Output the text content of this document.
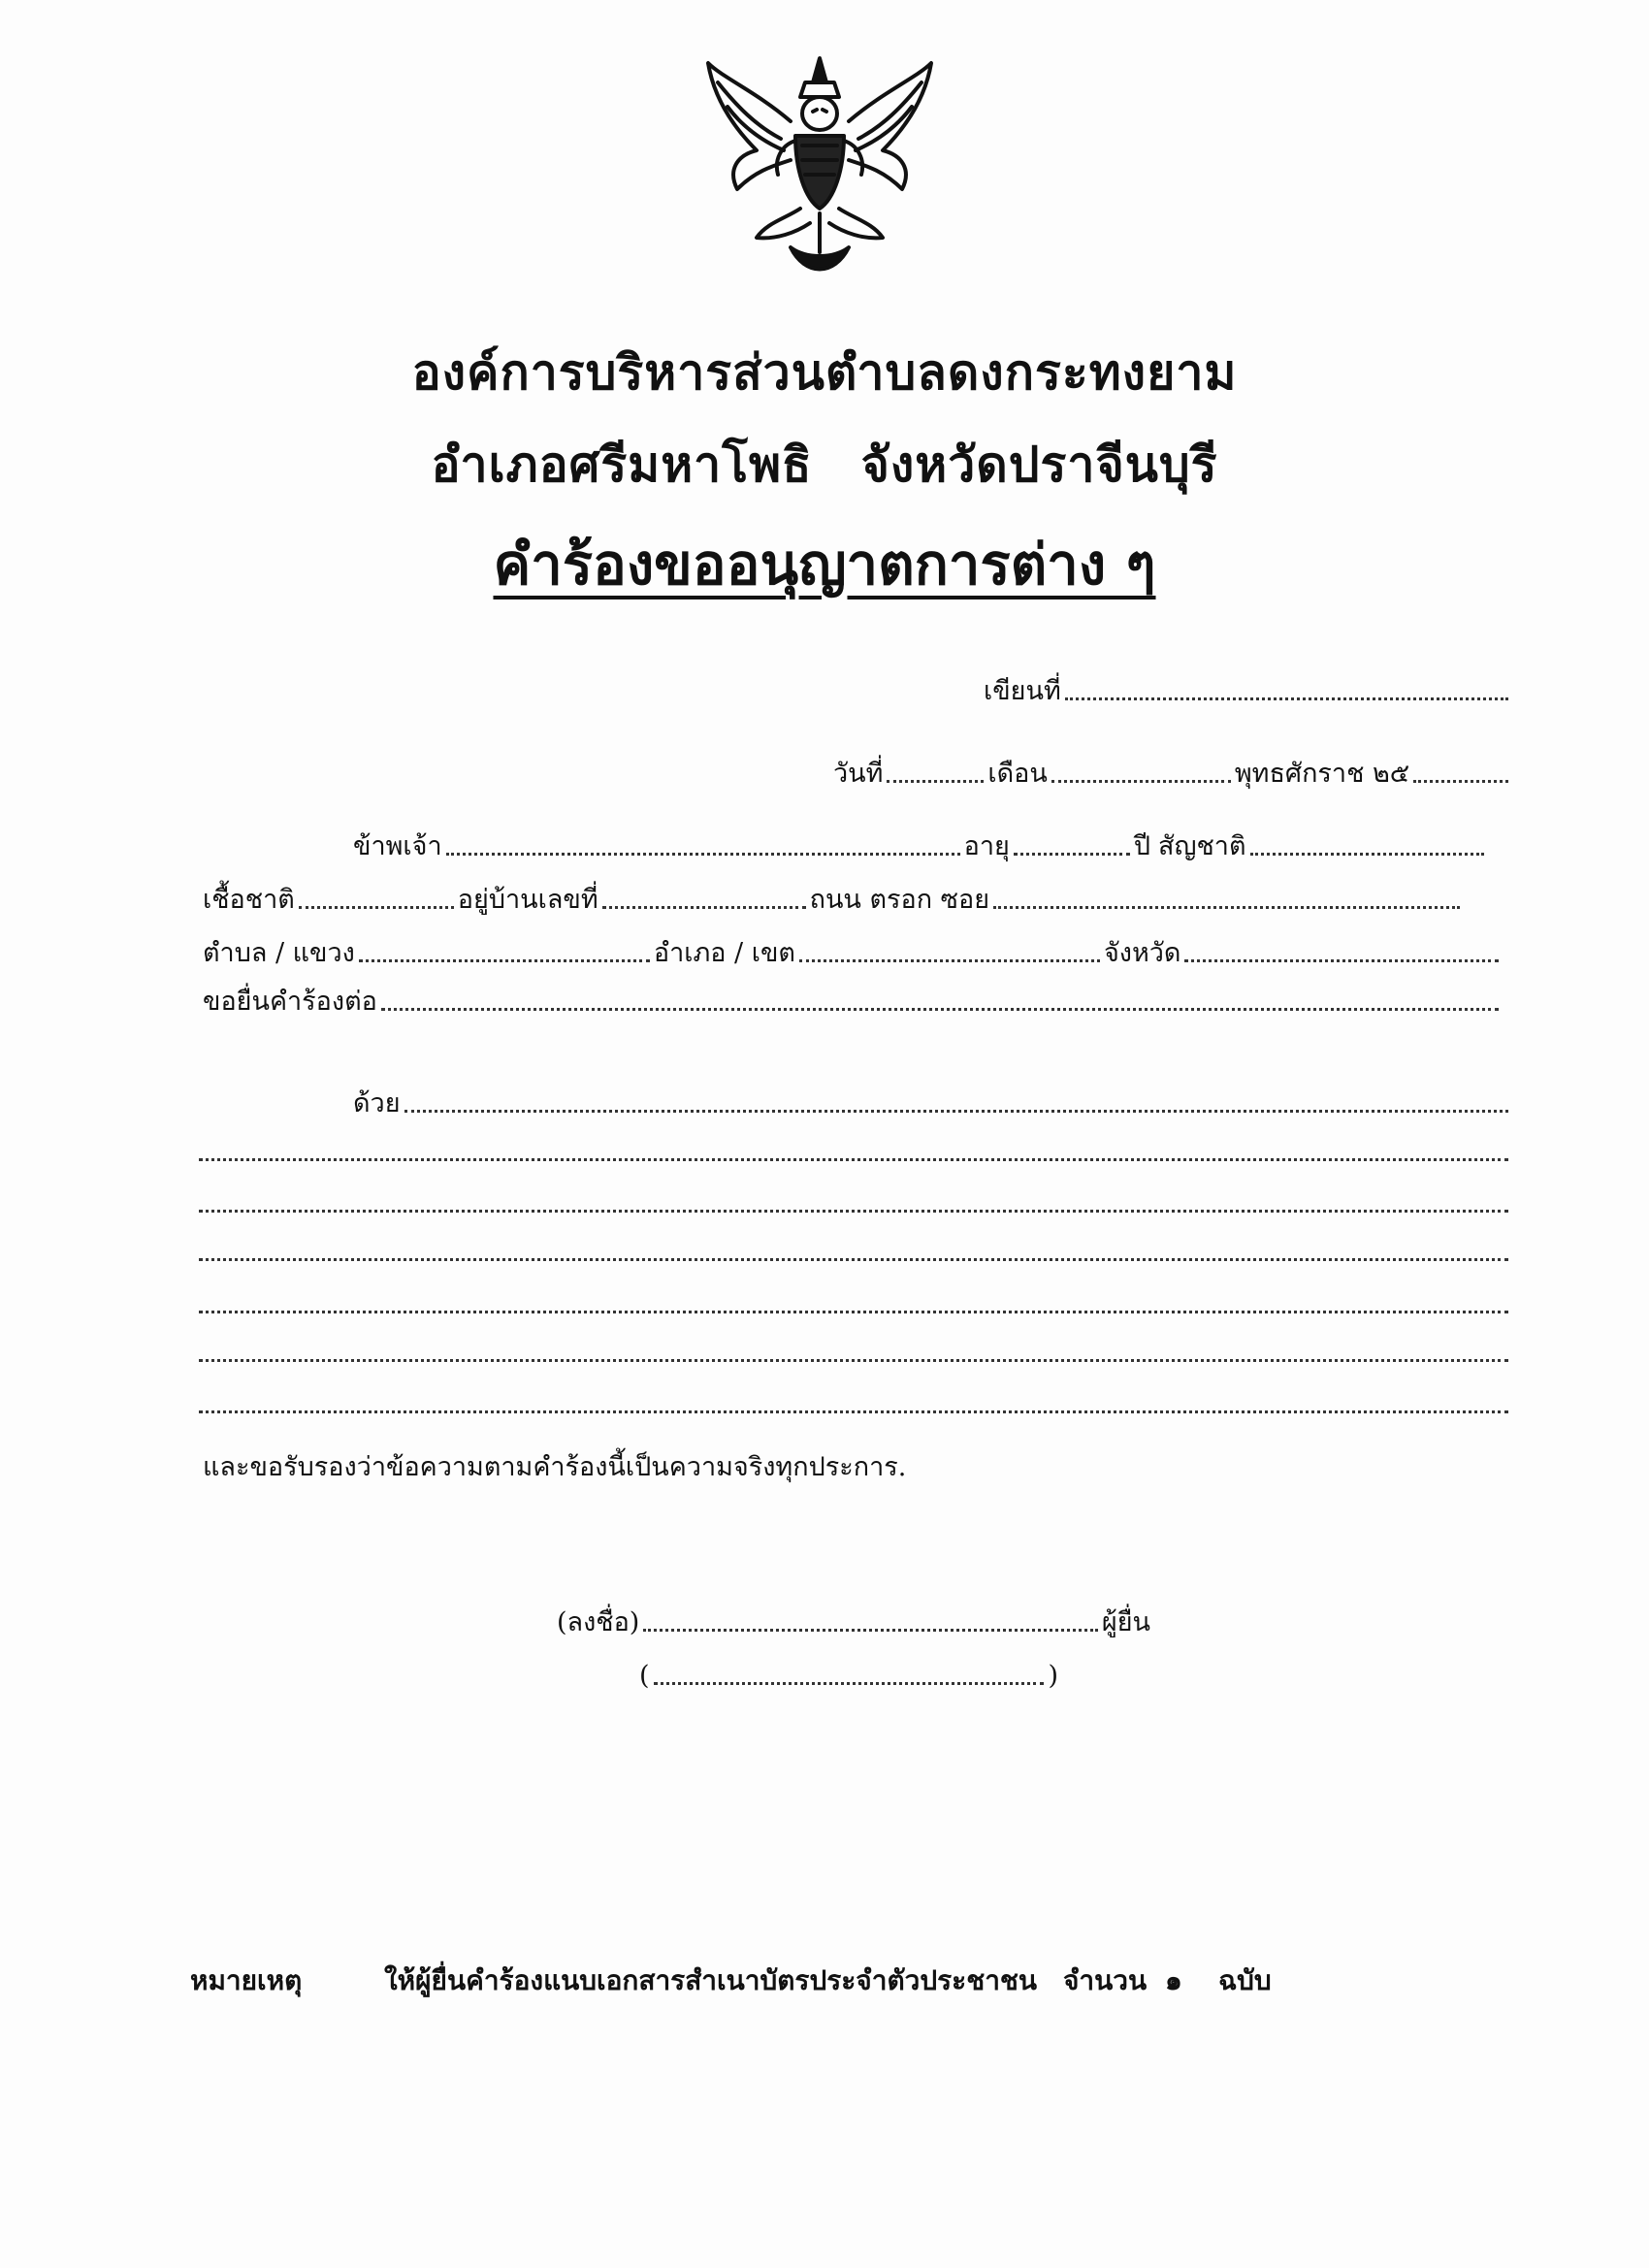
องค์การบริหารส่วนตำบลดงกระทงยาม
อำเภอศรีมหาโพธิ จังหวัดปราจีนบุรี
คำร้องขออนุญาตการต่าง ๆ
เขียนที่
วันที่	เดือน	พุทธศักราช ๒๕
ข้าพเจ้า	อายุ	ปี สัญชาติ
เชื้อชาติ	อยู่บ้านเลขที่	ถนน ตรอก ซอย
ตำบล / แขวง	อำเภอ / เขต	จังหวัด
ขอยื่นคำร้องต่อ
ด้วย
และขอรับรองว่าข้อความตามคำร้องนี้เป็นความจริงทุกประการ.
(ลงชื่อ)	ผู้ยื่น
(	)
หมายเหตุ	ให้ผู้ยื่นคำร้องแนบเอกสารสำเนาบัตรประจำตัวประชาชน จำนวน ๑ ฉบับ
